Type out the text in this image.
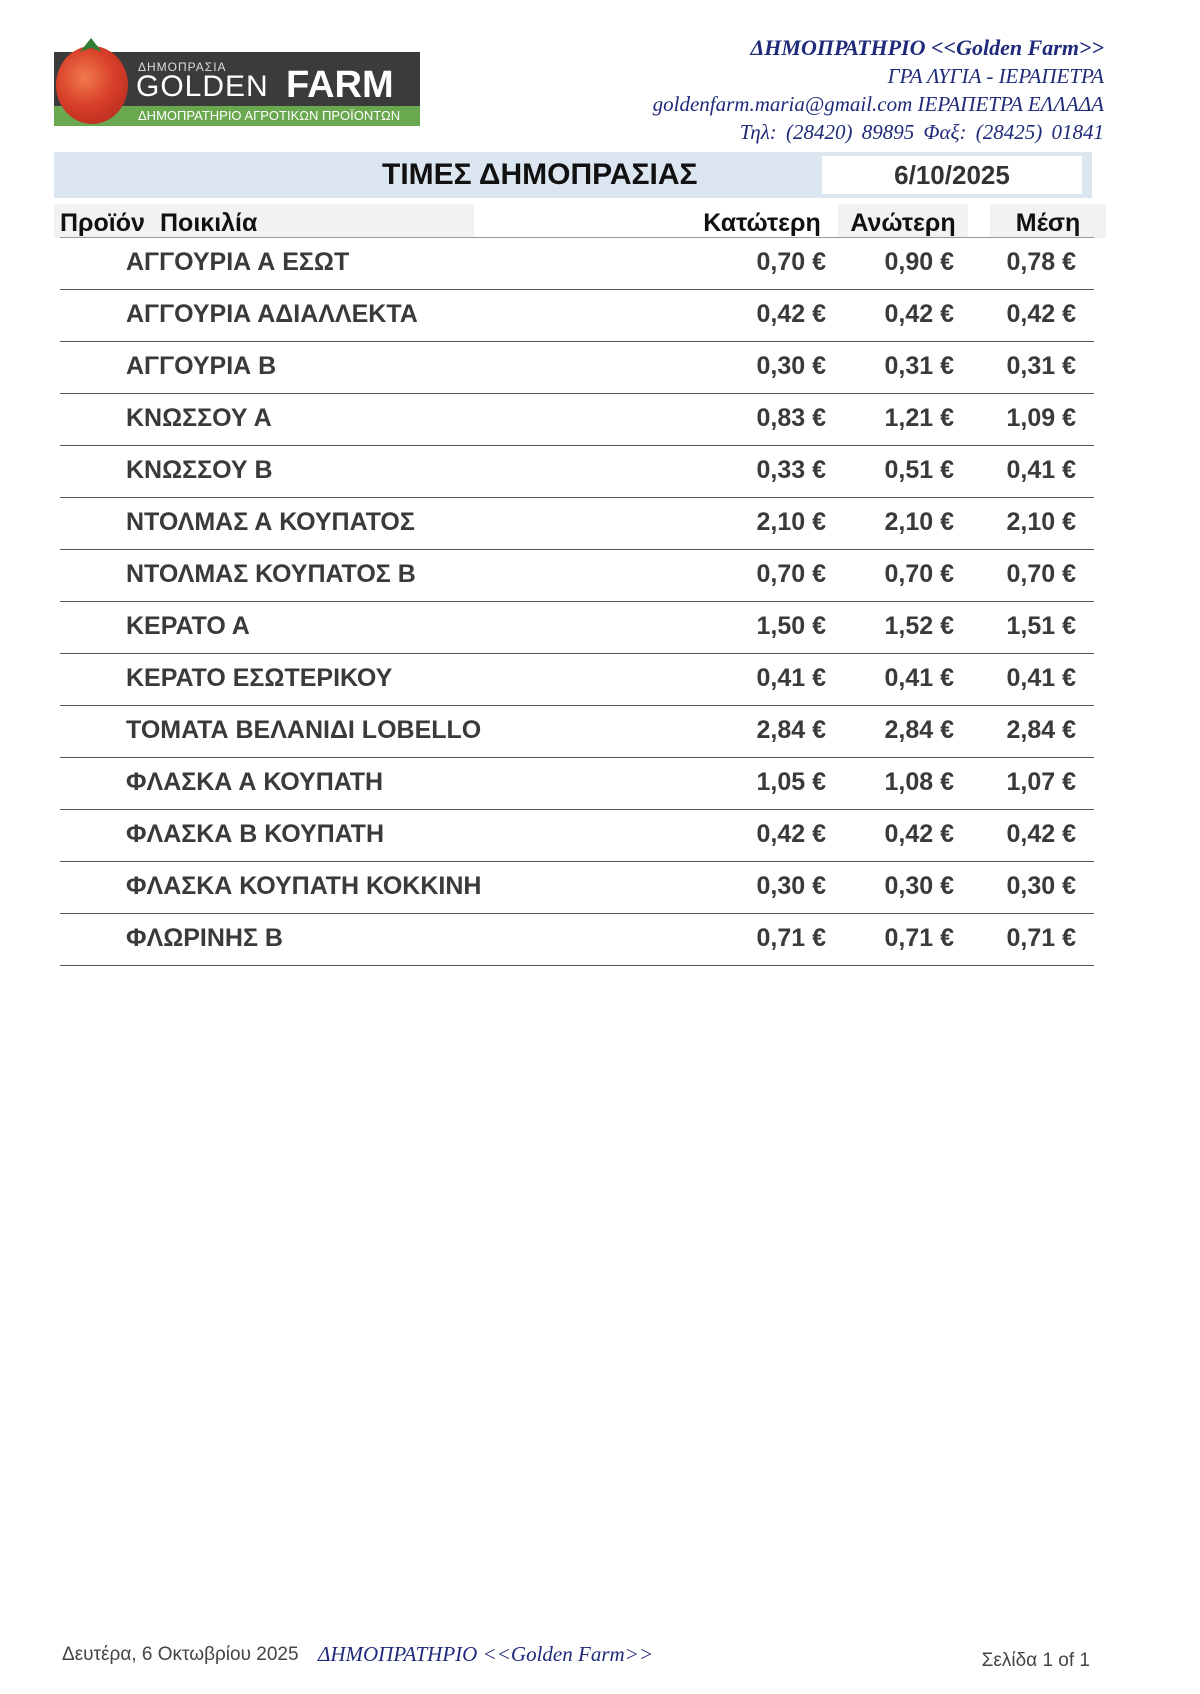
ΔΗΜΟΠΡΑΣΙΑ
GOLDEN FARM
ΔΗΜΟΠΡΑΤΗΡΙΟ ΑΓΡΟΤΙΚΩΝ ΠΡΟΪΟΝΤΩΝ
ΔΗΜΟΠΡΑΤΗΡΙΟ <<Golden Farm>>
ΓΡΑ ΛΥΓΙΑ - ΙΕΡΑΠΕΤΡΑ
goldenfarm.maria@gmail.com ΙΕΡΑΠΕΤΡΑ ΕΛΛΑΔΑ
Τηλ: (28420) 89895 Φαξ: (28425) 01841
ΤΙΜΕΣ ΔΗΜΟΠΡΑΣΙΑΣ	6/10/2025
Προϊόν Ποικιλία	Κατώτερη	Ανώτερη	Μέση
ΑΓΓΟΥΡΙΑ Α ΕΣΩΤ	0,70 € 0,90 € 0,78 €
ΑΓΓΟΥΡΙΑ ΑΔΙΑΛΛΕΚΤΑ	0,42 € 0,42 € 0,42 €
ΑΓΓΟΥΡΙΑ Β	0,30 € 0,31 € 0,31 €
ΚΝΩΣΣΟΥ Α	0,83 € 1,21 € 1,09 €
ΚΝΩΣΣΟΥ Β	0,33 € 0,51 € 0,41 €
ΝΤΟΛΜΑΣ Α ΚΟΥΠΑΤΟΣ	2,10 € 2,10 € 2,10 €
ΝΤΟΛΜΑΣ ΚΟΥΠΑΤΟΣ Β	0,70 € 0,70 € 0,70 €
ΚΕΡΑΤΟ Α	1,50 € 1,52 € 1,51 €
ΚΕΡΑΤΟ ΕΣΩΤΕΡΙΚΟΥ	0,41 € 0,41 € 0,41 €
ΤΟΜΑΤΑ ΒΕΛΑΝΙΔΙ LOBELLO	2,84 € 2,84 € 2,84 €
ΦΛΑΣΚΑ Α ΚΟΥΠΑΤΗ	1,05 € 1,08 € 1,07 €
ΦΛΑΣΚΑ Β ΚΟΥΠΑΤΗ	0,42 € 0,42 € 0,42 €
ΦΛΑΣΚΑ ΚΟΥΠΑΤΗ ΚΟΚΚΙΝΗ	0,30 € 0,30 € 0,30 €
ΦΛΩΡΙΝΗΣ Β	0,71 € 0,71 € 0,71 €
Δευτέρα, 6 Οκτωβρίου 2025 ΔΗΜΟΠΡΑΤΗΡΙΟ <<Golden Farm>>	Σελίδα 1 of 1
